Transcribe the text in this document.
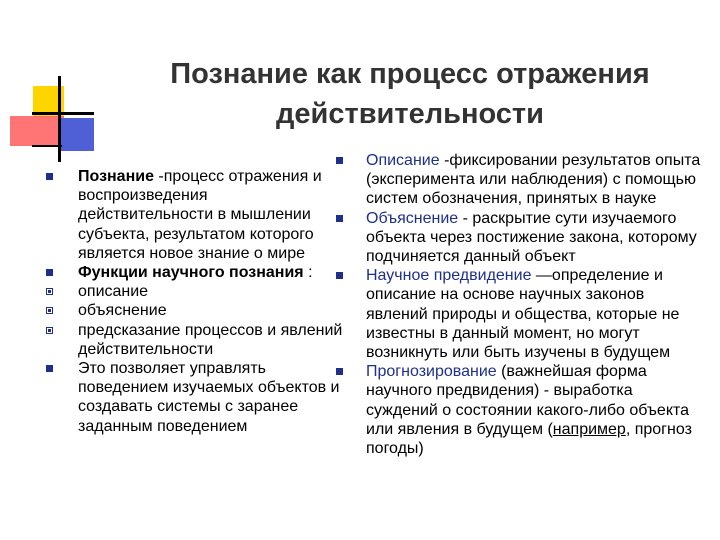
Познание как процесс отражения действительности
Познание -процесс отражения и воспроизведения действительности в мышлении субъекта, результатом которого является новое знание о мире
Функции научного познания :
описание
объяснение
предсказание процессов и явлений действительности
Это позволяет управлять поведением изучаемых объектов и создавать системы с заранее заданным поведением
Описание -фиксировании результатов опыта (эксперимента или наблюдения) с помощью систем обозначения, принятых в науке
Объяснение - раскрытие сути изучаемого объекта через постижение закона, которому подчиняется данный объект
Научное предвидение —определение и описание на основе научных законов явлений природы и общества, которые не известны в данный момент, но могут возникнуть или быть изучены в будущем
Прогнозирование (важнейшая форма научного предвидения) - выработка суждений о состоянии какого-либо объекта или явления в будущем (например, прогноз погоды)
